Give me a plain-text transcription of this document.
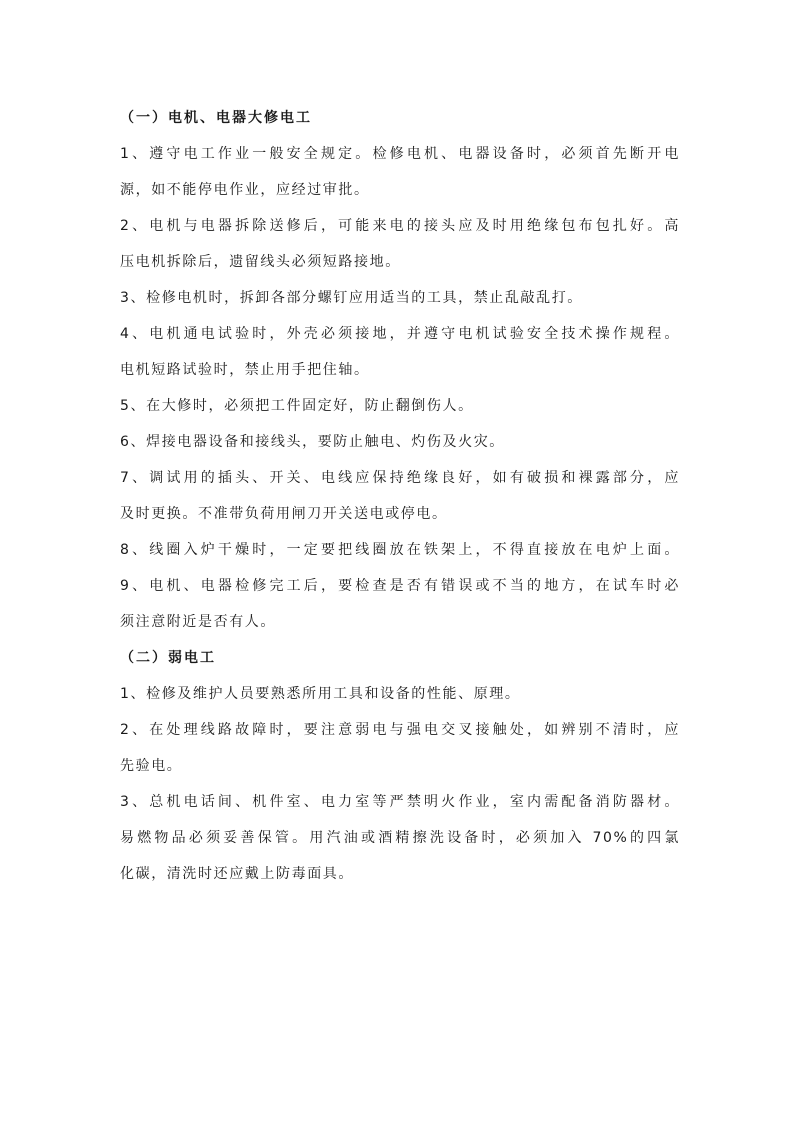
（一）电机、电器大修电工
1、遵守电工作业一般安全规定。检修电机、电器设备时，必须首先断开电
源，如不能停电作业，应经过审批。
2、电机与电器拆除送修后，可能来电的接头应及时用绝缘包布包扎好。高
压电机拆除后，遗留线头必须短路接地。
3、检修电机时，拆卸各部分螺钉应用适当的工具，禁止乱敲乱打。
4、电机通电试验时，外壳必须接地，并遵守电机试验安全技术操作规程。
电机短路试验时，禁止用手把住轴。
5、在大修时，必须把工件固定好，防止翻倒伤人。
6、焊接电器设备和接线头，要防止触电、灼伤及火灾。
7、调试用的插头、开关、电线应保持绝缘良好，如有破损和裸露部分，应
及时更换。不准带负荷用闸刀开关送电或停电。
8、线圈入炉干燥时，一定要把线圈放在铁架上，不得直接放在电炉上面。
9、电机、电器检修完工后，要检查是否有错误或不当的地方，在试车时必
须注意附近是否有人。
（二）弱电工
1、检修及维护人员要熟悉所用工具和设备的性能、原理。
2、在处理线路故障时，要注意弱电与强电交叉接触处，如辨别不清时，应
先验电。
3、总机电话间、机件室、电力室等严禁明火作业，室内需配备消防器材。
易燃物品必须妥善保管。用汽油或酒精擦洗设备时，必须加入 70%的四氯
化碳，清洗时还应戴上防毒面具。
